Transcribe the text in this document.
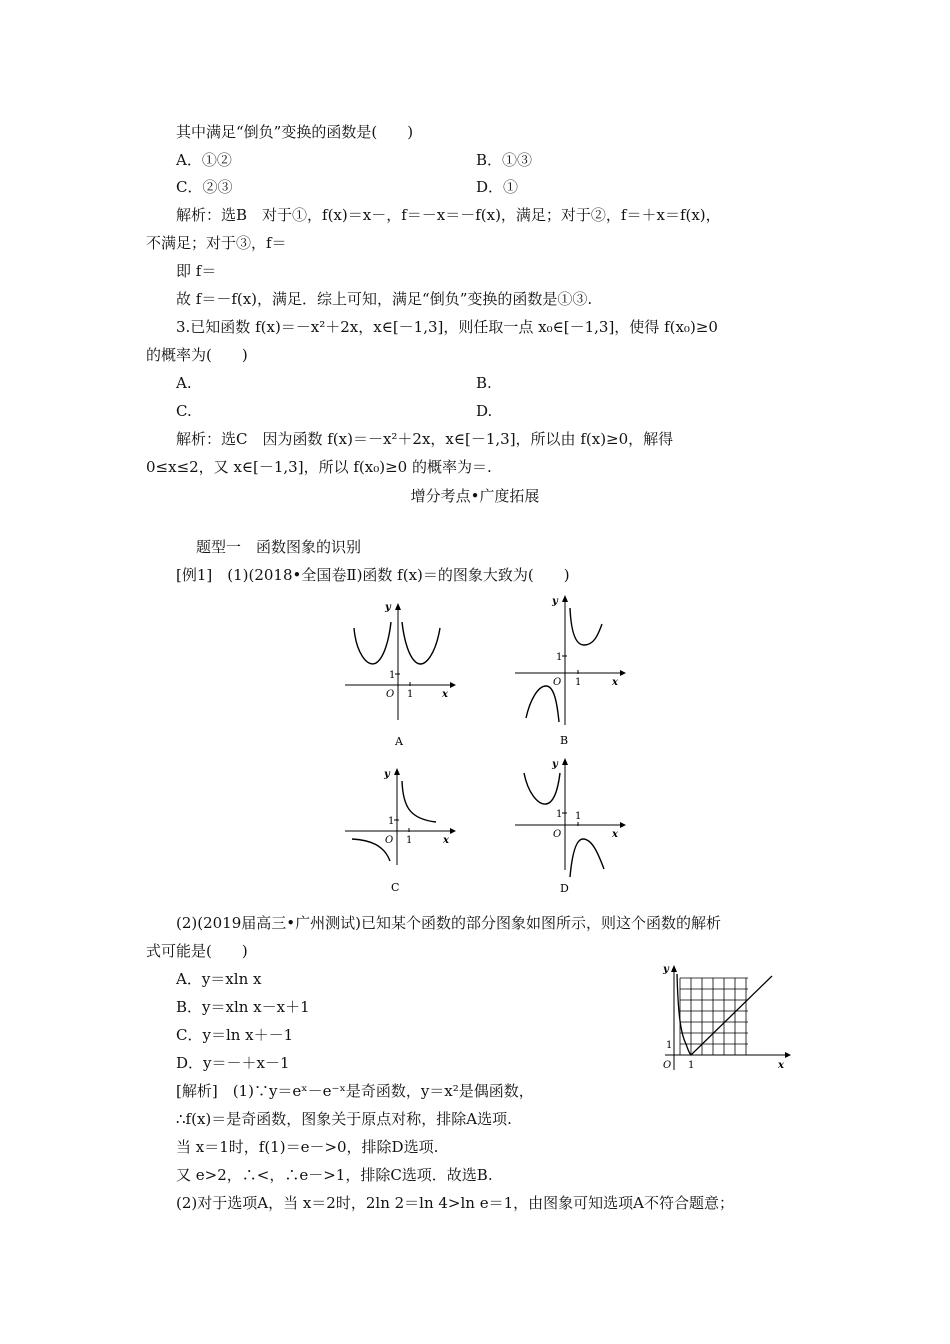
其中满足“倒负”变换的函数是(　　)
A．①②	B．①③
C．②③	D．①
解析：选B　对于①，f(x)＝x－，f＝－x＝－f(x)，满足；对于②，f＝＋x＝f(x)，
不满足；对于③，f＝
即 f＝
故 f＝－f(x)，满足．综上可知，满足“倒负”变换的函数是①③.
3.已知函数 f(x)＝－x²＋2x，x∈[－1,3]，则任取一点 x₀∈[－1,3]，使得 f(x₀)≥0
的概率为(　　)
A.	B.
C.	D.
解析：选C　因为函数 f(x)＝－x²＋2x，x∈[－1,3]，所以由 f(x)≥0，解得
0≤x≤2，又 x∈[－1,3]，所以 f(x₀)≥0 的概率为＝.
增分考点•广度拓展
题型一　函数图象的识别
[例1]　(1)(2018•全国卷Ⅱ)函数 f(x)＝的图象大致为(　　)
y
x
O
1
1
A
y
x
O
1
1
B
y
x
O
1
1
C
y
x
O
1 1
D
(2)(2019届高三•广州测试)已知某个函数的部分图象如图所示，则这个函数的解析
式可能是(　　)
A．y＝xln x
B．y＝xln x－x＋1
C．y＝ln x＋－1
D．y＝－＋x－1
y
x
O
1
1
[解析]　(1)∵y＝eˣ－e⁻ˣ是奇函数，y＝x²是偶函数，
∴f(x)＝是奇函数，图象关于原点对称，排除A选项.
当 x＝1时，f(1)＝e－>0，排除D选项.
又 e>2，∴<，∴e－>1，排除C选项．故选B.
(2)对于选项A，当 x＝2时，2ln 2＝ln 4>ln e＝1，由图象可知选项A不符合题意；
